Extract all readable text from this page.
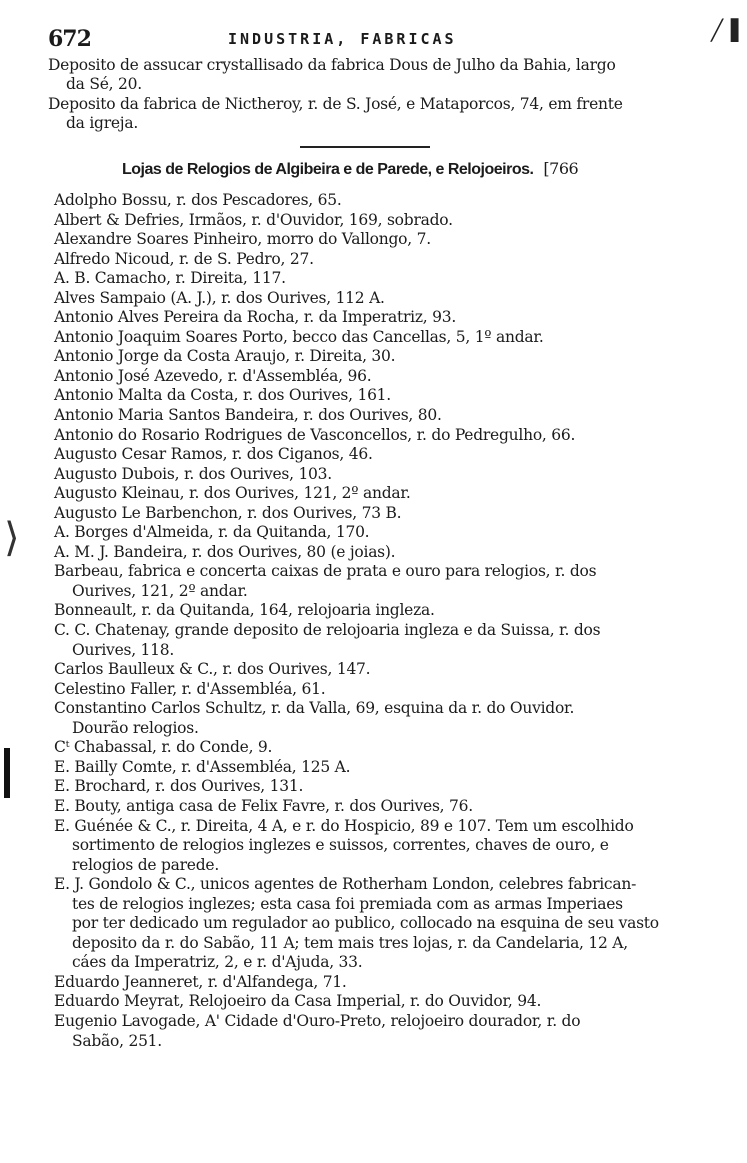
672	INDUSTRIA, FABRICAS	╱▐
Deposito de assucar crystallisado da fabrica Dous de Julho da Bahia, largo
da Sé, 20.
Deposito da fabrica de Nictheroy, r. de S. José, e Mataporcos, 74, em frente
da igreja.
Lojas de Relogios de Algibeira e de Parede, e Relojoeiros. [766
⟩
Adolpho Bossu, r. dos Pescadores, 65.
Albert & Defries, Irmãos, r. d'Ouvidor, 169, sobrado.
Alexandre Soares Pinheiro, morro do Vallongo, 7.
Alfredo Nicoud, r. de S. Pedro, 27.
A. B. Camacho, r. Direita, 117.
Alves Sampaio (A. J.), r. dos Ourives, 112 A.
Antonio Alves Pereira da Rocha, r. da Imperatriz, 93.
Antonio Joaquim Soares Porto, becco das Cancellas, 5, 1º andar.
Antonio Jorge da Costa Araujo, r. Direita, 30.
Antonio José Azevedo, r. d'Assembléa, 96.
Antonio Malta da Costa, r. dos Ourives, 161.
Antonio Maria Santos Bandeira, r. dos Ourives, 80.
Antonio do Rosario Rodrigues de Vasconcellos, r. do Pedregulho, 66.
Augusto Cesar Ramos, r. dos Ciganos, 46.
Augusto Dubois, r. dos Ourives, 103.
Augusto Kleinau, r. dos Ourives, 121, 2º andar.
Augusto Le Barbenchon, r. dos Ourives, 73 B.
A. Borges d'Almeida, r. da Quitanda, 170.
A. M. J. Bandeira, r. dos Ourives, 80 (e joias).
Barbeau, fabrica e concerta caixas de prata e ouro para relogios, r. dos
Ourives, 121, 2º andar.
Bonneault, r. da Quitanda, 164, relojoaria ingleza.
C. C. Chatenay, grande deposito de relojoaria ingleza e da Suissa, r. dos
Ourives, 118.
Carlos Baulleux & C., r. dos Ourives, 147.
Celestino Faller, r. d'Assembléa, 61.
Constantino Carlos Schultz, r. da Valla, 69, esquina da r. do Ouvidor.
Dourão relogios.
Cᵗ Chabassal, r. do Conde, 9.
E. Bailly Comte, r. d'Assembléa, 125 A.
E. Brochard, r. dos Ourives, 131.
E. Bouty, antiga casa de Felix Favre, r. dos Ourives, 76.
E. Guénée & C., r. Direita, 4 A, e r. do Hospicio, 89 e 107. Tem um escolhido
sortimento de relogios inglezes e suissos, correntes, chaves de ouro, e
relogios de parede.
E. J. Gondolo & C., unicos agentes de Rotherham London, celebres fabrican-
tes de relogios inglezes; esta casa foi premiada com as armas Imperiaes
por ter dedicado um regulador ao publico, collocado na esquina de seu vasto
deposito da r. do Sabão, 11 A; tem mais tres lojas, r. da Candelaria, 12 A,
cáes da Imperatriz, 2, e r. d'Ajuda, 33.
Eduardo Jeanneret, r. d'Alfandega, 71.
Eduardo Meyrat, Relojoeiro da Casa Imperial, r. do Ouvidor, 94.
Eugenio Lavogade, A' Cidade d'Ouro-Preto, relojoeiro dourador, r. do
Sabão, 251.
